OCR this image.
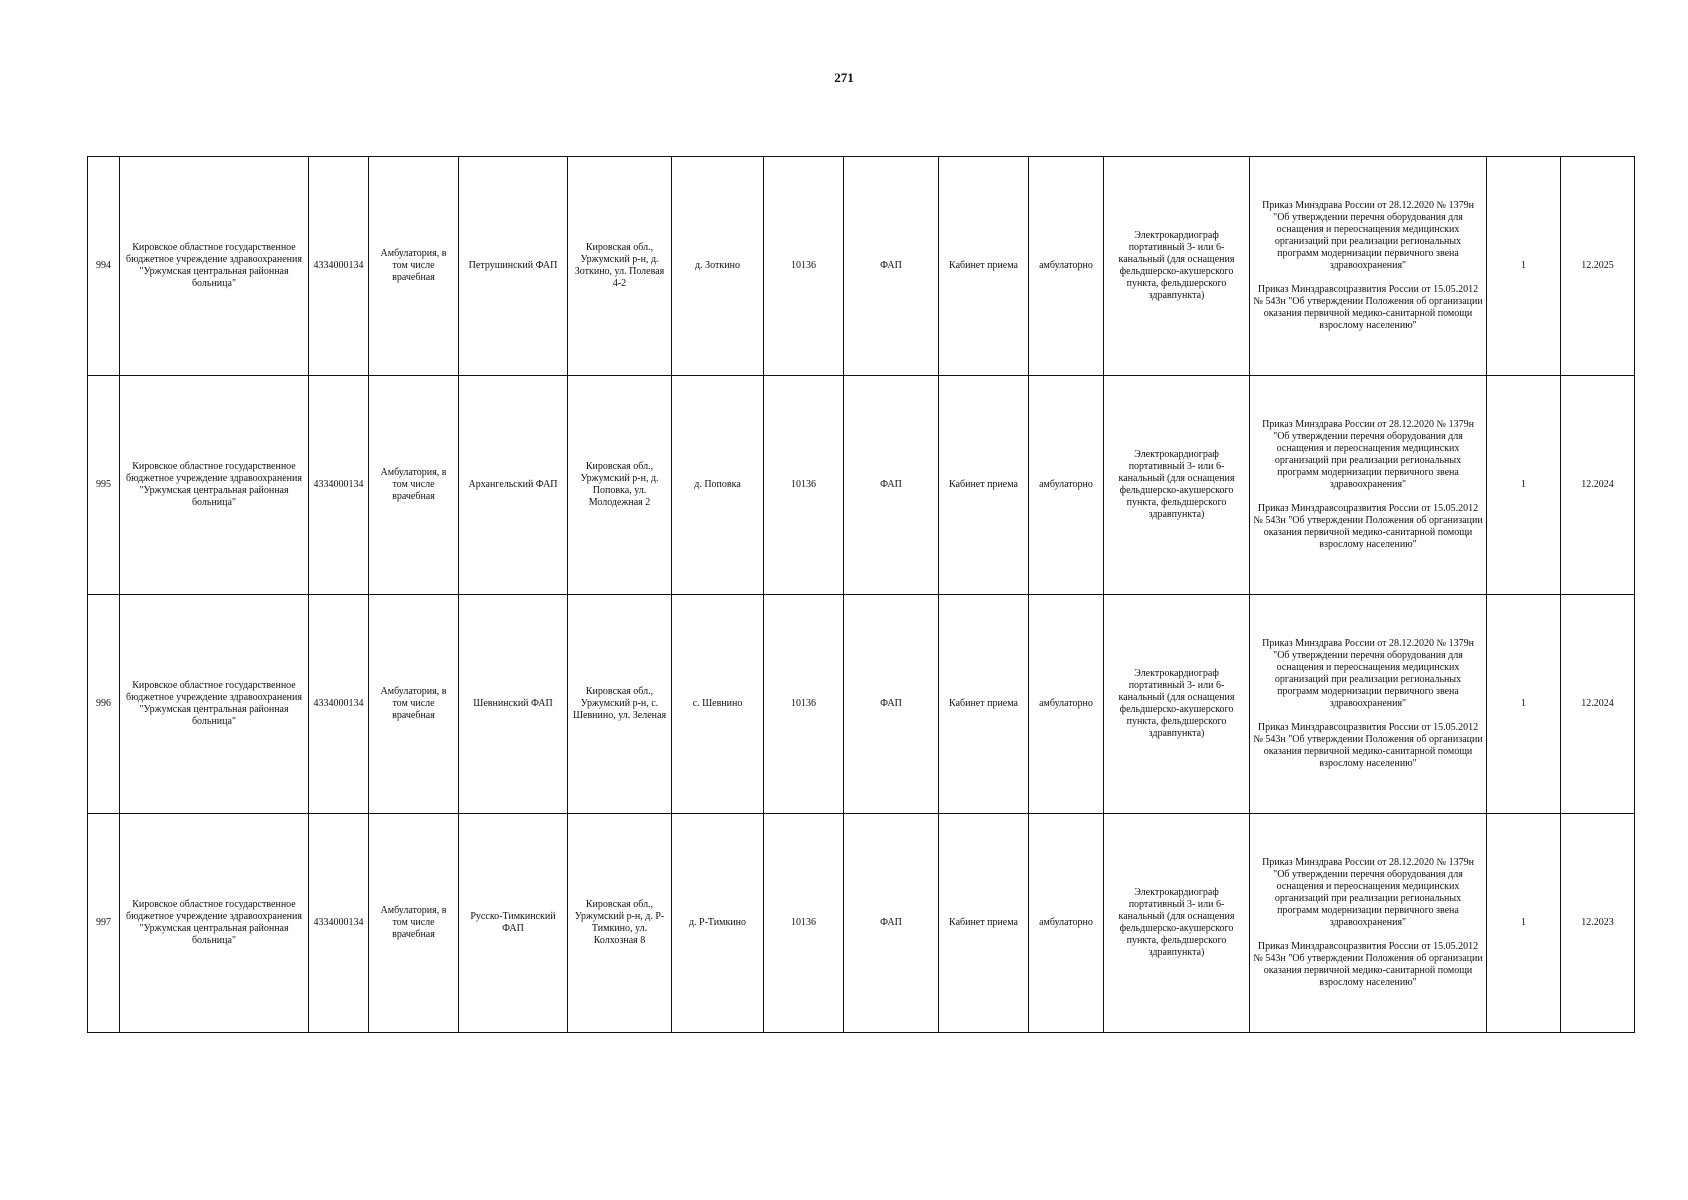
271
994	Кировское областное государственное бюджетное учреждение здравоохранения "Уржумская центральная районная больница"	4334000134	Амбулатория, в том числе врачебная	Петрушинский ФАП	Кировская обл., Уржумский р-н, д. Зоткино, ул. Полевая 4-2	д. Зоткино	10136	ФАП	Кабинет приема	амбулаторно	Электрокардиограф портативный 3- или 6-канальный (для оснащения фельдшерско-акушерского пункта, фельдшерского здравпункта)	Приказ Минздрава России от 28.12.2020 № 1379н "Об утверждении перечня оборудования для оснащения и переоснащения медицинских организаций при реализации региональных программ модернизации первичного звена здравоохранения"
Приказ Минздравсоцразвития России от 15.05.2012 № 543н "Об утверждении Положения об организации оказания первичной медико-санитарной помощи взрослому населению"	1	12.2025
995	Кировское областное государственное бюджетное учреждение здравоохранения "Уржумская центральная районная больница"	4334000134	Амбулатория, в том числе врачебная	Архангельский ФАП	Кировская обл., Уржумский р-н, д. Поповка, ул. Молодежная 2	д. Поповка	10136	ФАП	Кабинет приема	амбулаторно	Электрокардиограф портативный 3- или 6-канальный (для оснащения фельдшерско-акушерского пункта, фельдшерского здравпункта)	Приказ Минздрава России от 28.12.2020 № 1379н "Об утверждении перечня оборудования для оснащения и переоснащения медицинских организаций при реализации региональных программ модернизации первичного звена здравоохранения"
Приказ Минздравсоцразвития России от 15.05.2012 № 543н "Об утверждении Положения об организации оказания первичной медико-санитарной помощи взрослому населению"	1	12.2024
996	Кировское областное государственное бюджетное учреждение здравоохранения "Уржумская центральная районная больница"	4334000134	Амбулатория, в том числе врачебная	Шевнинский ФАП	Кировская обл., Уржумский р-н, с. Шевнино, ул. Зеленая	с. Шевнино	10136	ФАП	Кабинет приема	амбулаторно	Электрокардиограф портативный 3- или 6-канальный (для оснащения фельдшерско-акушерского пункта, фельдшерского здравпункта)	Приказ Минздрава России от 28.12.2020 № 1379н "Об утверждении перечня оборудования для оснащения и переоснащения медицинских организаций при реализации региональных программ модернизации первичного звена здравоохранения"
Приказ Минздравсоцразвития России от 15.05.2012 № 543н "Об утверждении Положения об организации оказания первичной медико-санитарной помощи взрослому населению"	1	12.2024
997	Кировское областное государственное бюджетное учреждение здравоохранения "Уржумская центральная районная больница"	4334000134	Амбулатория, в том числе врачебная	Русско-Тимкинский ФАП	Кировская обл., Уржумский р-н, д. Р-Тимкино, ул. Колхозная 8	д. Р-Тимкино	10136	ФАП	Кабинет приема	амбулаторно	Электрокардиограф портативный 3- или 6-канальный (для оснащения фельдшерско-акушерского пункта, фельдшерского здравпункта)	Приказ Минздрава России от 28.12.2020 № 1379н "Об утверждении перечня оборудования для оснащения и переоснащения медицинских организаций при реализации региональных программ модернизации первичного звена здравоохранения"
Приказ Минздравсоцразвития России от 15.05.2012 № 543н "Об утверждении Положения об организации оказания первичной медико-санитарной помощи взрослому населению"	1	12.2023
